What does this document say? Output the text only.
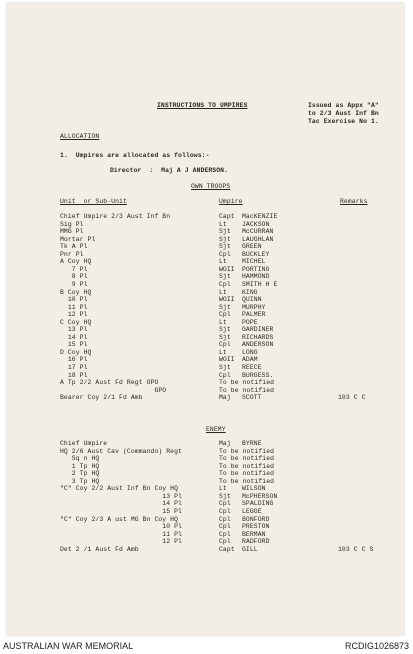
INSTRUCTIONS TO UMPIRES	Issued as Appx "A"
to 2/3 Aust Inf Bn
Tac Exercise No 1.
ALLOCATION
1.  Umpires are allocated as follows:-
Director  :  Maj A J ANDERSON.
OWN TROOPS
Unit  or Sub-Unit	Umpire	Remarks
Chief Umpire 2/3 Aust Inf Bn	Capt MacKENZIE
Sig Pl	Lt JACKSON
MMG Pl	Sjt McCURRAN
Mortar Pl	Sjt LAUGHLAN
Tk A Pl	Sjt GREEN
Pnr Pl	Cpl BUCKLEY
A Coy HQ	Lt MICHEL
7 Pl	WOII PORTING
8 Pl	Sjt HAMMOND
9 Pl	Cpl SMITH H E
B Coy HQ	Lt KING
10 Pl	WOII QUINN
11 Pl	Sjt MURPHY
12 Pl	Cpl PALMER
C Coy HQ	Lt POPE
13 Pl	Sjt GARDINER
14 Pl	Sjt RICHARDS
15 Pl	Cpl ANDERSON
D Coy HQ	Lt LONG
16 Pl	WOII ADAM
17 Pl	Sjt REECE
18 Pl	Cpl BURGESS.
A Tp 2/2 Aust Fd Regt OPO	To be notified
GPO	To be notified
Bearer Coy 2/1 Fd Amb	Maj SCOTT	103 C C
ENEMY
Chief Umpire	Maj BYRNE
HQ 2/6 Aust Cav (Commando) Regt	To be notified
Sq n HQ	To be notified
1 Tp HQ	To be notified
2 Tp HQ	To be notified
3 Tp HQ	To be notified
"C" Coy 2/2 Aust Inf Bn Coy HQ	Lt WILSON
13 Pl	Sjt McPHERSON
14 Pl	Cpl SPALDING
15 Pl	Cpl LEGGE
"C" Coy 2/3 A ust MG Bn Coy HQ	Cpl BONFORD
10 Pl	Cpl PRESTON
11 Pl	Cpl BERMAN
12 Pl	Cpl RADFORD
Det 2 /1 Aust Fd Amb	Capt GILL	103 C C S
AUSTRALIAN WAR MEMORIAL	RCDIG1026873
